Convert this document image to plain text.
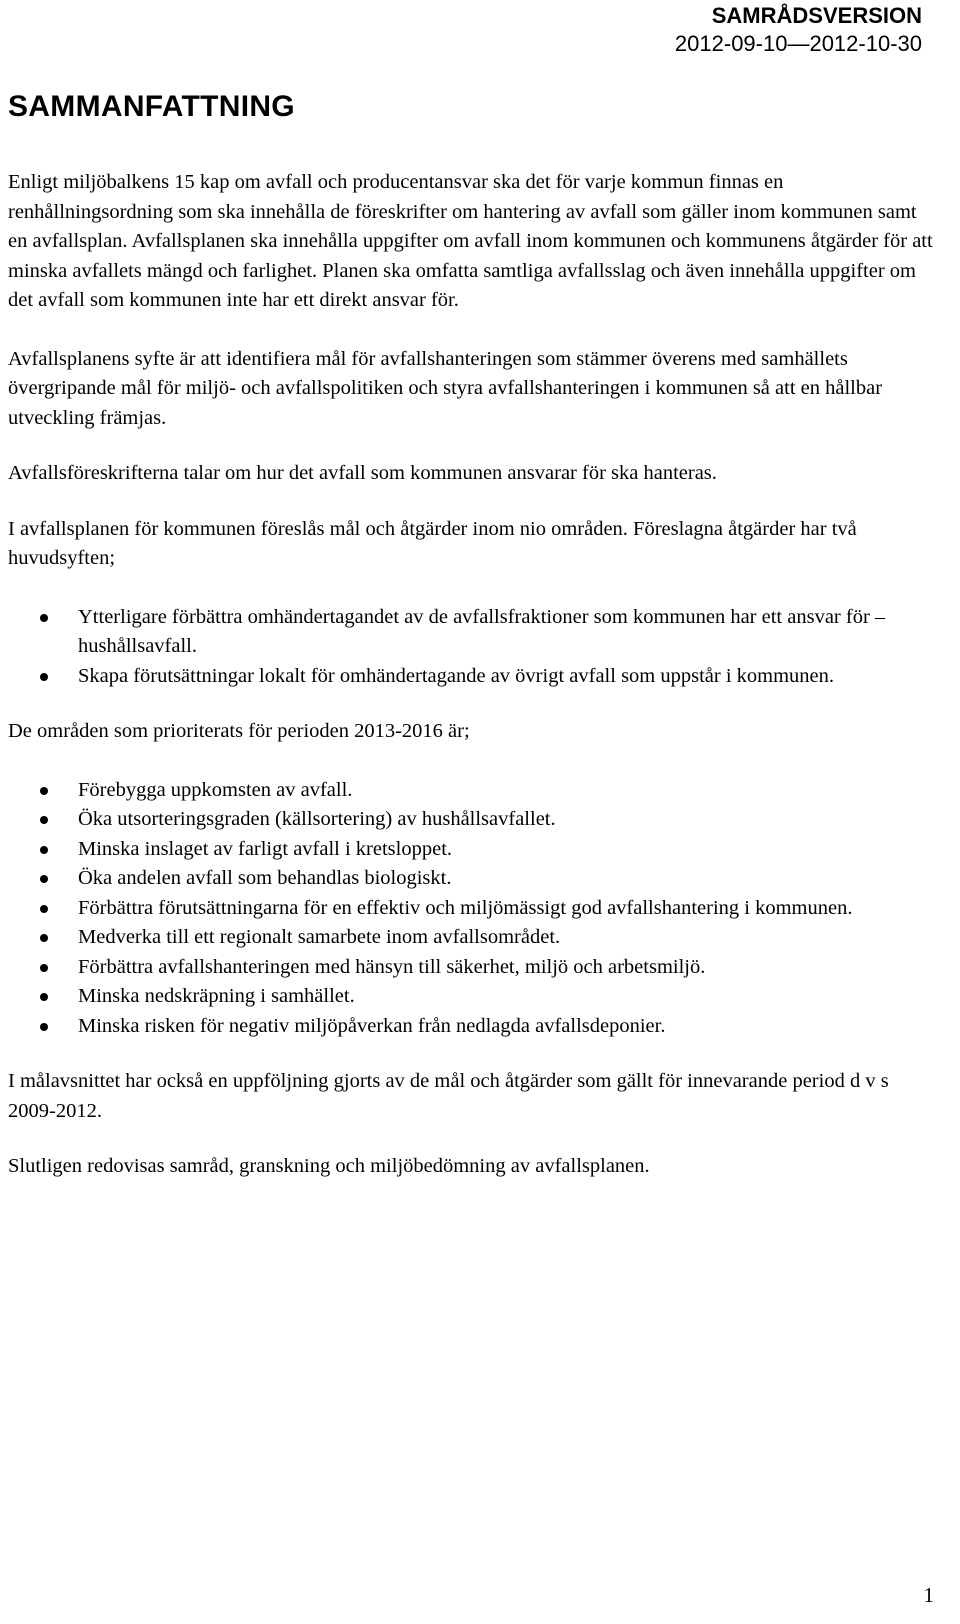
SAMRÅDSVERSION
2012-09-10—2012-10-30
SAMMANFATTNING

Enligt miljöbalkens 15 kap om avfall och producentansvar ska det för varje kommun finnas en renhållningsordning som ska innehålla de föreskrifter om hantering av avfall som gäller inom kommunen samt en avfallsplan. Avfallsplanen ska innehålla uppgifter om avfall inom kommunen och kommunens åtgärder för att minska avfallets mängd och farlighet. Planen ska omfatta samtliga avfallsslag och även innehålla uppgifter om det avfall som kommunen inte har ett direkt ansvar för.

Avfallsplanens syfte är att identifiera mål för avfallshanteringen som stämmer överens med samhällets övergripande mål för miljö- och avfallspolitiken och styra avfallshanteringen i kommunen så att en hållbar utveckling främjas.

Avfallsföreskrifterna talar om hur det avfall som kommunen ansvarar för ska hanteras.

I avfallsplanen för kommunen föreslås mål och åtgärder inom nio områden. Föreslagna åtgärder har två huvudsyften;

Ytterligare förbättra omhändertagandet av de avfallsfraktioner som kommunen har ett ansvar för – hushållsavfall.
Skapa förutsättningar lokalt för omhändertagande av övrigt avfall som uppstår i kommunen.

De områden som prioriterats för perioden 2013-2016 är;

Förebygga uppkomsten av avfall.
Öka utsorteringsgraden (källsortering) av hushållsavfallet.
Minska inslaget av farligt avfall i kretsloppet.
Öka andelen avfall som behandlas biologiskt.
Förbättra förutsättningarna för en effektiv och miljömässigt god avfallshantering i kommunen.
Medverka till ett regionalt samarbete inom avfallsområdet.
Förbättra avfallshanteringen med hänsyn till säkerhet, miljö och arbetsmiljö.
Minska nedskräpning i samhället.
Minska risken för negativ miljöpåverkan från nedlagda avfallsdeponier.

I målavsnittet har också en uppföljning gjorts av de mål och åtgärder som gällt för innevarande period d v s 2009-2012.

Slutligen redovisas samråd, granskning och miljöbedömning av avfallsplanen.

1
